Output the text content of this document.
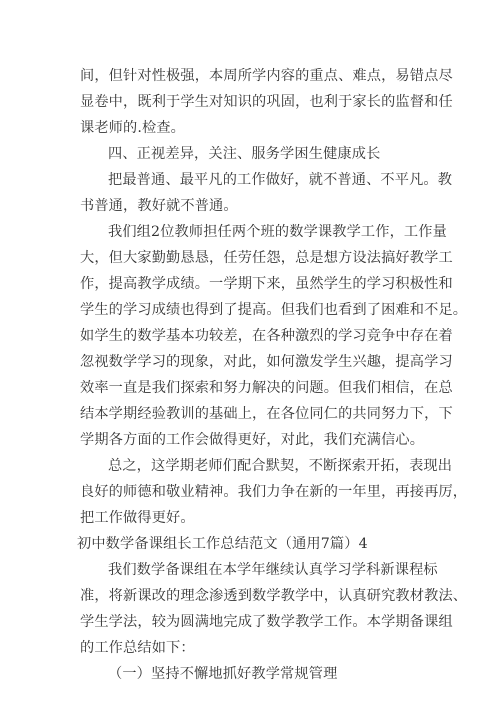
间，但针对性极强，本周所学内容的重点、难点，易错点尽
显卷中，既利于学生对知识的巩固，也利于家长的监督和任
课老师的.检查。
四、正视差异，关注、服务学困生健康成长
把最普通、最平凡的工作做好，就不普通、不平凡。教
书普通，教好就不普通。
我们组2位教师担任两个班的数学课教学工作，工作量
大，但大家勤勤恳恳，任劳任怨，总是想方设法搞好教学工
作，提高教学成绩。一学期下来，虽然学生的学习积极性和
学生的学习成绩也得到了提高。但我们也看到了困难和不足。
如学生的数学基本功较差，在各种激烈的学习竞争中存在着
忽视数学学习的现象，对此，如何激发学生兴趣，提高学习
效率一直是我们探索和努力解决的问题。但我们相信，在总
结本学期经验教训的基础上，在各位同仁的共同努力下，下
学期各方面的工作会做得更好，对此，我们充满信心。
总之，这学期老师们配合默契，不断探索开拓，表现出
良好的师德和敬业精神。我们力争在新的一年里，再接再厉，
把工作做得更好。
初中数学备课组长工作总结范文（通用7篇）4
我们数学备课组在本学年继续认真学习学科新课程标
准，将新课改的理念渗透到数学教学中，认真研究教材教法、
学生学法，较为圆满地完成了数学教学工作。本学期备课组
的工作总结如下：
（一）坚持不懈地抓好教学常规管理
